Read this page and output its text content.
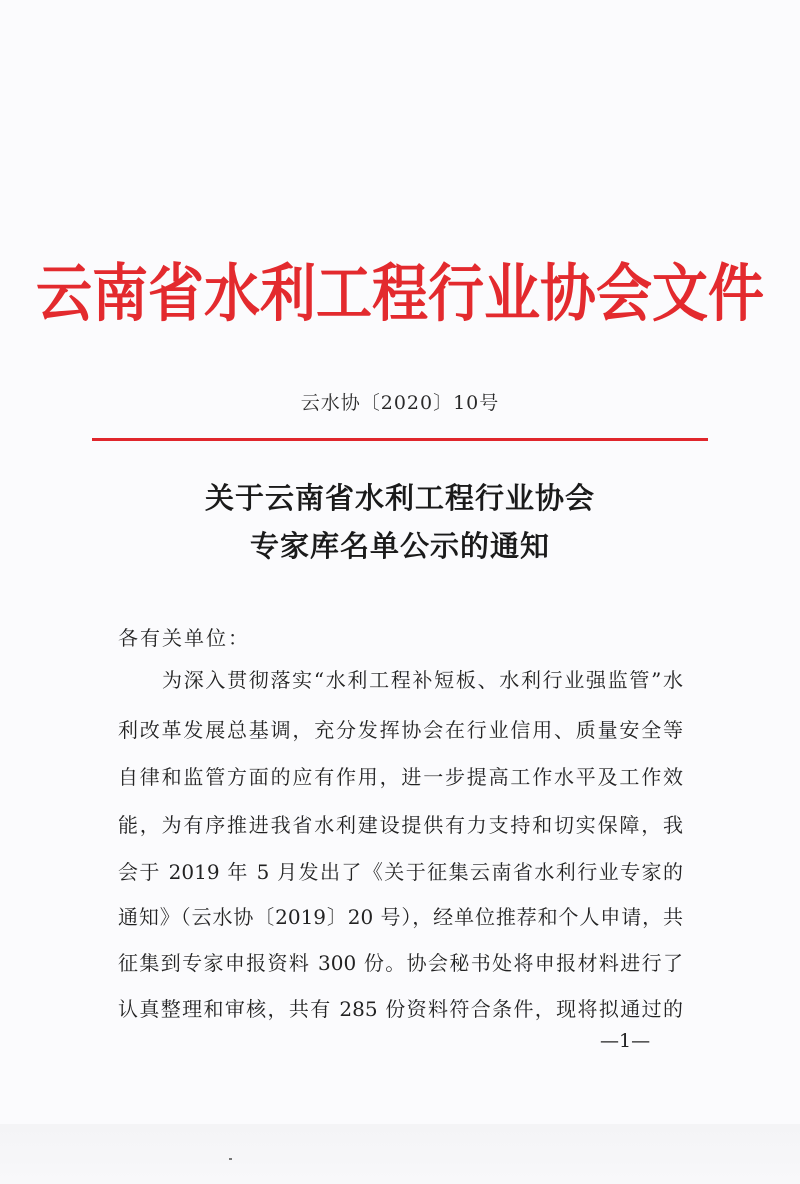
云南省水利工程行业协会文件
云水协〔2020〕10号
关于云南省水利工程行业协会
专家库名单公示的通知
各有关单位：
为深入贯彻落实“水利工程补短板、水利行业强监管”水
利改革发展总基调，充分发挥协会在行业信用、质量安全等
自律和监管方面的应有作用，进一步提高工作水平及工作效
能，为有序推进我省水利建设提供有力支持和切实保障，我
会于 2019 年 5 月发出了《关于征集云南省水利行业专家的
通知》（云水协〔2019〕20 号），经单位推荐和个人申请，共
征集到专家申报资料 300 份。协会秘书处将申报材料进行了
认真整理和审核，共有 285 份资料符合条件，现将拟通过的
—1—
